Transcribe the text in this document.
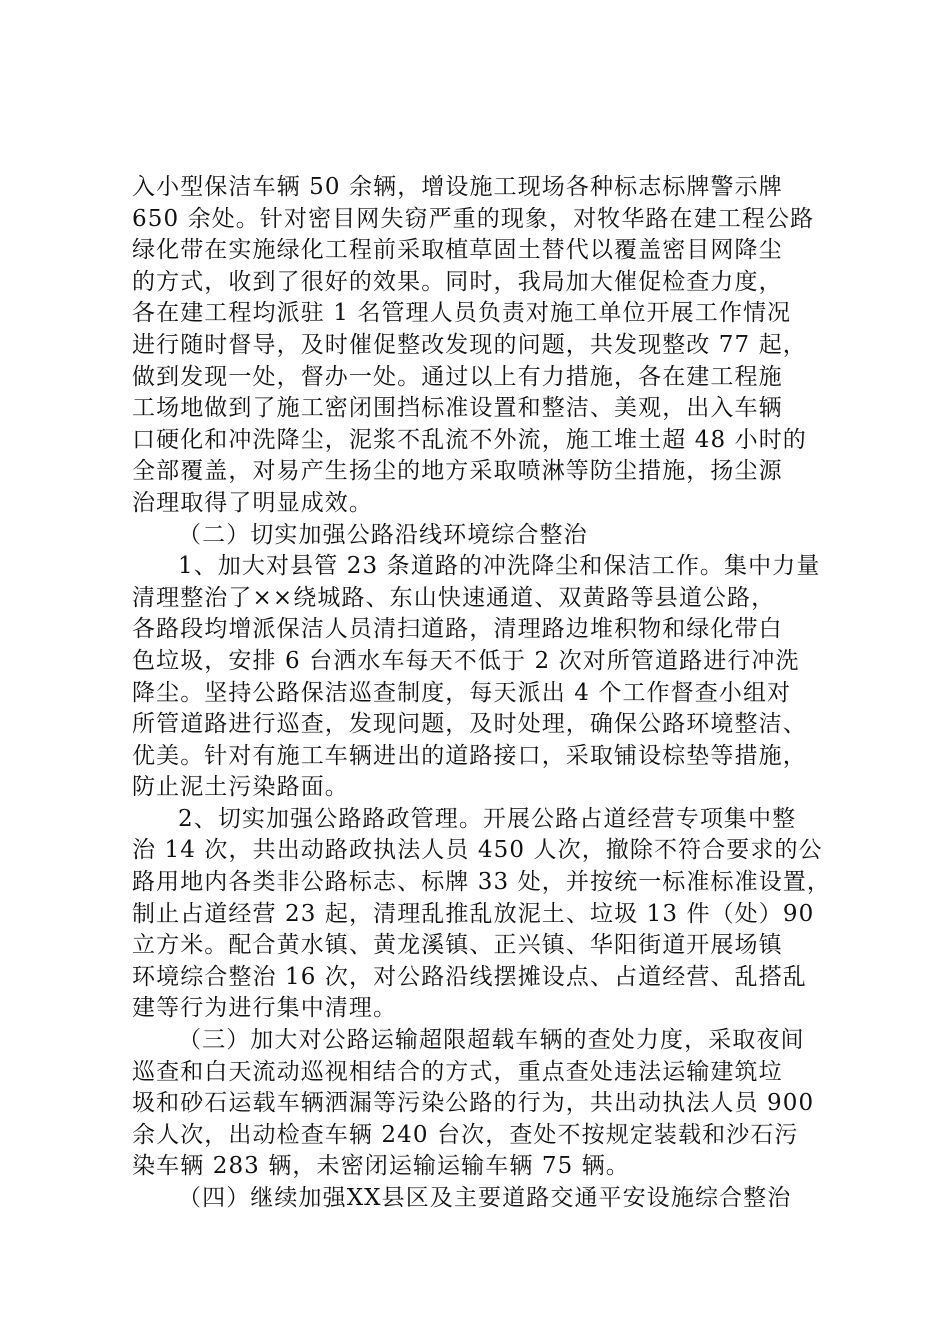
入小型保洁车辆 50 余辆，增设施工现场各种标志标牌警示牌
650 余处。针对密目网失窃严重的现象，对牧华路在建工程公路
绿化带在实施绿化工程前采取植草固土替代以覆盖密目网降尘
的方式，收到了很好的效果。同时，我局加大催促检查力度，
各在建工程均派驻 1 名管理人员负责对施工单位开展工作情况
进行随时督导，及时催促整改发现的问题，共发现整改 77 起，
做到发现一处，督办一处。通过以上有力措施，各在建工程施
工场地做到了施工密闭围挡标准设置和整洁、美观，出入车辆
口硬化和冲洗降尘，泥浆不乱流不外流，施工堆土超 48 小时的
全部覆盖，对易产生扬尘的地方采取喷淋等防尘措施，扬尘源
治理取得了明显成效。
（二）切实加强公路沿线环境综合整治
1、加大对县管 23 条道路的冲洗降尘和保洁工作。集中力量
清理整治了××绕城路、东山快速通道、双黄路等县道公路，
各路段均增派保洁人员清扫道路，清理路边堆积物和绿化带白
色垃圾，安排 6 台洒水车每天不低于 2 次对所管道路进行冲洗
降尘。坚持公路保洁巡查制度，每天派出 4 个工作督查小组对
所管道路进行巡查，发现问题，及时处理，确保公路环境整洁、
优美。针对有施工车辆进出的道路接口，采取铺设棕垫等措施，
防止泥土污染路面。
2、切实加强公路路政管理。开展公路占道经营专项集中整
治 14 次，共出动路政执法人员 450 人次，撤除不符合要求的公
路用地内各类非公路标志、标牌 33 处，并按统一标准标准设置，
制止占道经营 23 起，清理乱推乱放泥土、垃圾 13 件（处）90
立方米。配合黄水镇、黄龙溪镇、正兴镇、华阳街道开展场镇
环境综合整治 16 次，对公路沿线摆摊设点、占道经营、乱搭乱
建等行为进行集中清理。
（三）加大对公路运输超限超载车辆的查处力度，采取夜间
巡查和白天流动巡视相结合的方式，重点查处违法运输建筑垃
圾和砂石运载车辆洒漏等污染公路的行为，共出动执法人员 900
余人次，出动检查车辆 240 台次，查处不按规定装载和沙石污
染车辆 283 辆，未密闭运输运输车辆 75 辆。
（四）继续加强XX县区及主要道路交通平安设施综合整治
